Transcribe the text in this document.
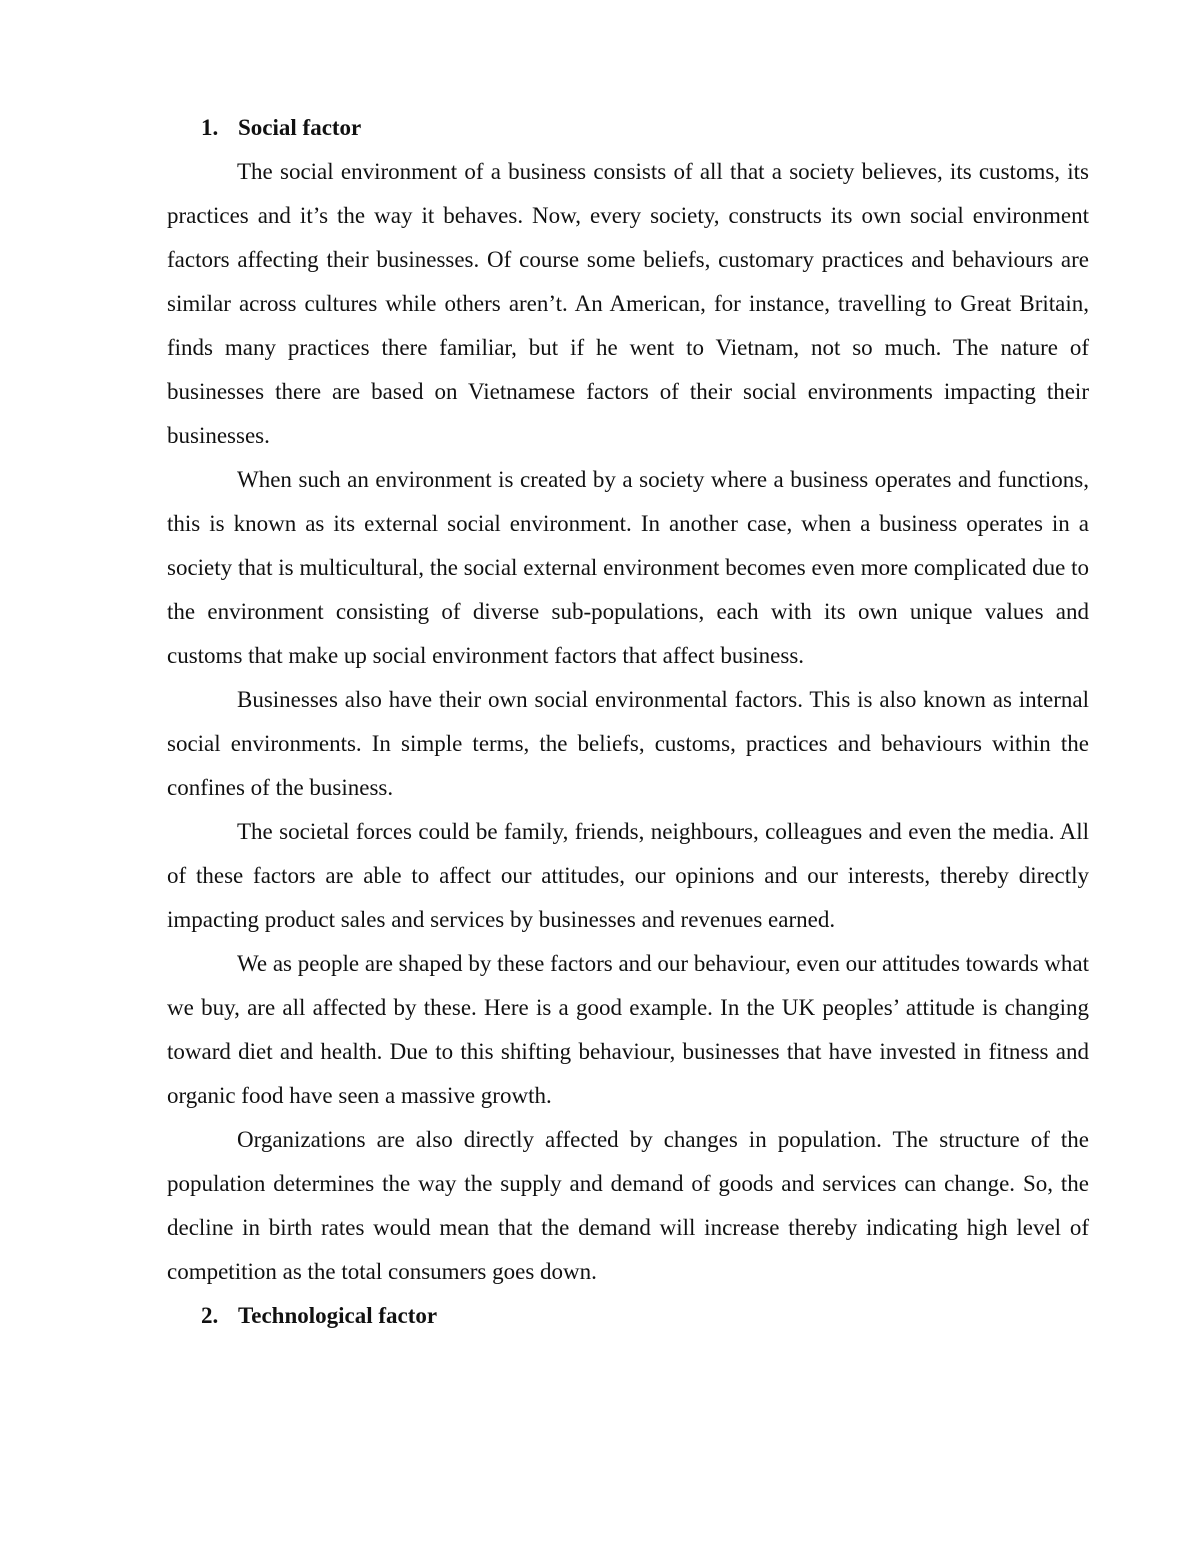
1. Social factor

The social environment of a business consists of all that a society believes, its customs, its practices and it’s the way it behaves. Now, every society, constructs its own social environment factors affecting their businesses. Of course some beliefs, customary practices and behaviours are similar across cultures while others aren’t. An American, for instance, travelling to Great Britain, finds many practices there familiar, but if he went to Vietnam, not so much. The nature of businesses there are based on Vietnamese factors of their social environments impacting their businesses.

When such an environment is created by a society where a business operates and functions, this is known as its external social environment. In another case, when a business operates in a society that is multicultural, the social external environment becomes even more complicated due to the environment consisting of diverse sub-populations, each with its own unique values and customs that make up social environment factors that affect business.

Businesses also have their own social environmental factors. This is also known as internal social environments. In simple terms, the beliefs, customs, practices and behaviours within the confines of the business.

The societal forces could be family, friends, neighbours, colleagues and even the media. All of these factors are able to affect our attitudes, our opinions and our interests, thereby directly impacting product sales and services by businesses and revenues earned.

We as people are shaped by these factors and our behaviour, even our attitudes towards what we buy, are all affected by these. Here is a good example. In the UK peoples’ attitude is changing toward diet and health. Due to this shifting behaviour, businesses that have invested in fitness and organic food have seen a massive growth.

Organizations are also directly affected by changes in population. The structure of the population determines the way the supply and demand of goods and services can change. So, the decline in birth rates would mean that the demand will increase thereby indicating high level of competition as the total consumers goes down.

2. Technological factor
